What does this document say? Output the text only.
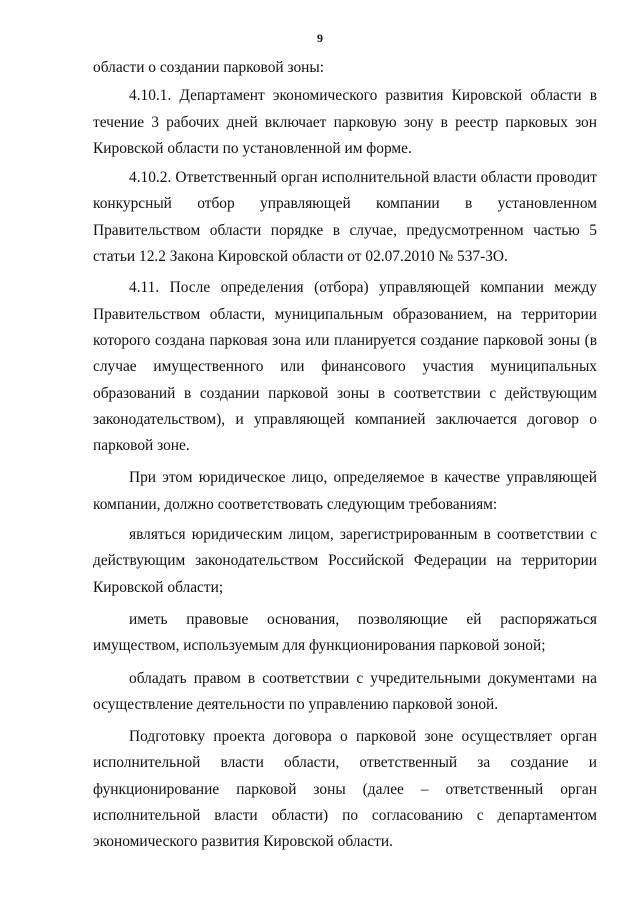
9

области о создании парковой зоны:

4.10.1. Департамент экономического развития Кировской области в течение 3 рабочих дней включает парковую зону в реестр парковых зон Кировской области по установленной им форме.

4.10.2. Ответственный орган исполнительной власти области проводит конкурсный отбор управляющей компании в установленном Правительством области порядке в случае, предусмотренном частью 5 статьи 12.2 Закона Кировской области от 02.07.2010 № 537-ЗО.

4.11. После определения (отбора) управляющей компании между Правительством области, муниципальным образованием, на территории которого создана парковая зона или планируется создание парковой зоны (в случае имущественного или финансового участия муниципальных образований в создании парковой зоны в соответствии с действующим законодательством), и управляющей компанией заключается договор о парковой зоне.

При этом юридическое лицо, определяемое в качестве управляющей компании, должно соответствовать следующим требованиям:

являться юридическим лицом, зарегистрированным в соответствии с действующим законодательством Российской Федерации на территории Кировской области;

иметь правовые основания, позволяющие ей распоряжаться имуществом, используемым для функционирования парковой зоной;

обладать правом в соответствии с учредительными документами на осуществление деятельности по управлению парковой зоной.

Подготовку проекта договора о парковой зоне осуществляет орган исполнительной власти области, ответственный за создание и функционирование парковой зоны (далее – ответственный орган исполнительной власти области) по согласованию с департаментом экономического развития Кировской области.
